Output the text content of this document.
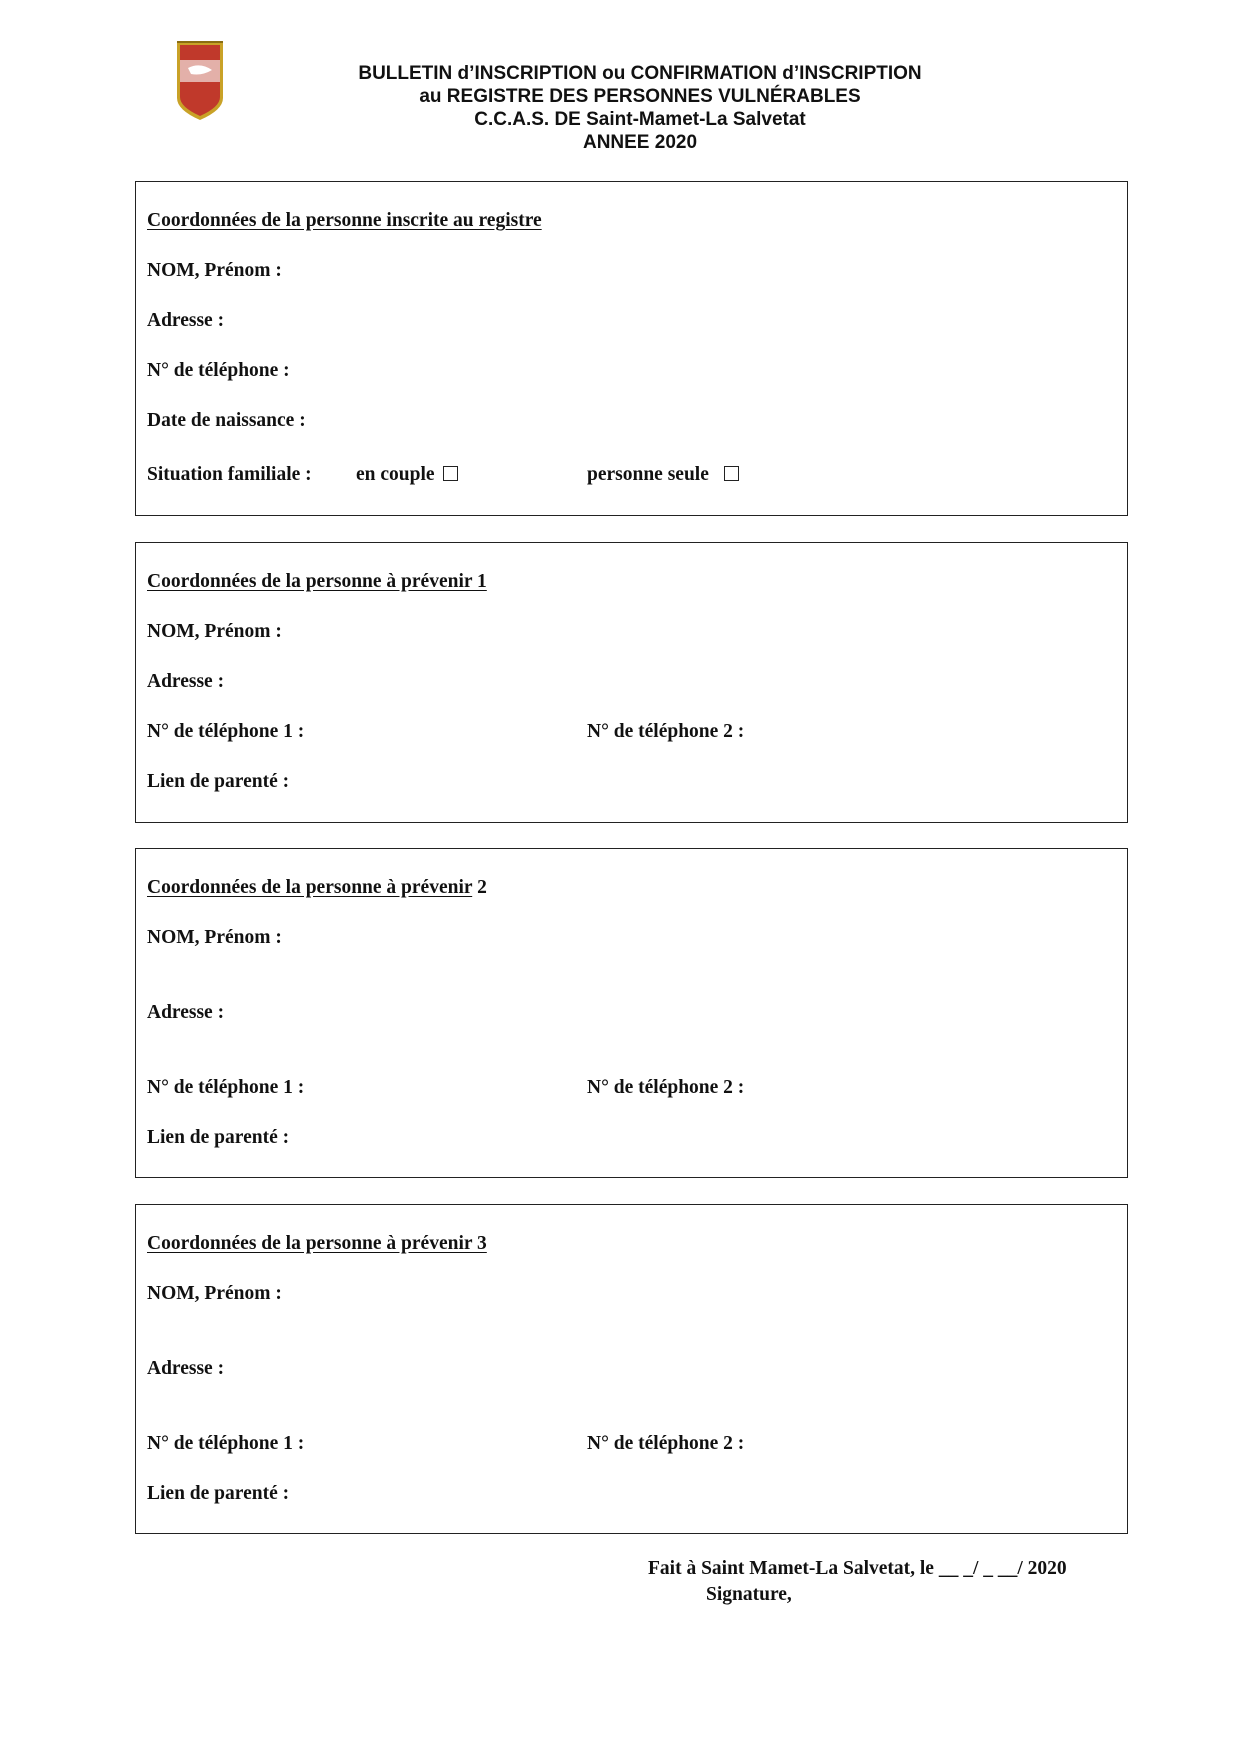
BULLETIN d’INSCRIPTION ou CONFIRMATION d’INSCRIPTION
au REGISTRE DES PERSONNES VULNÉRABLES
C.C.A.S. DE Saint-Mamet-La Salvetat
ANNEE 2020
Coordonnées de la personne inscrite au registre
NOM, Prénom :
Adresse :
N° de téléphone :
Date de naissance :
Situation familiale : en couple	personne seule
Coordonnées de la personne à prévenir 1
NOM, Prénom :
Adresse :
N° de téléphone 1 :	N° de téléphone 2 :
Lien de parenté :
Coordonnées de la personne à prévenir 2
NOM, Prénom :
Adresse :
N° de téléphone 1 :	N° de téléphone 2 :
Lien de parenté :
Coordonnées de la personne à prévenir 3
NOM, Prénom :
Adresse :
N° de téléphone 1 :	N° de téléphone 2 :
Lien de parenté :
Fait à Saint Mamet-La Salvetat, le __ _/ _ __/ 2020
Signature,
